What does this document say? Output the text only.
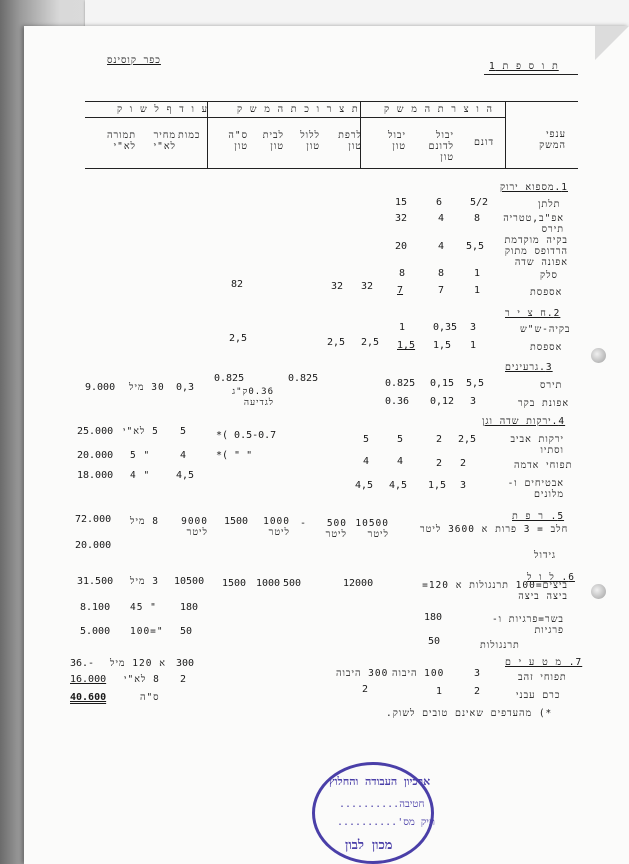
כפר קוסינס
ת ו ס פ ת 1
ה ו צ ר ת ה מ ש ק
ת צ ר ו כ ת ה מ ש ק
ע ו ד ף ל ש ו ק
ענפי המשק
דונם
יבול לדונם טון
יבול טון
לרפת טון
ללול טון
לבית טון
ס"ה טון
כמות
מחיר לא"י
תמורה לא"י
1.מספוא ירוק
2.ח צ י ר
3.גרעינים
4.ירקות שדה וגן
5. ר פ ת
6. ל ו ל
7. מ ט ע י ם
תלתן
5/2
6
15
אפ"ב,טטריה תירס
8
4
32
בקיה מוקדמת הרדופס מתוק אפונה שדה
5,5
4
20
סלק
1
8
8
אספסת
1
7
7
32
32
82
בקיה-ש"ש
3
0,35
1
אספסת
1
1,5
1,5
2,5
2,5
2,5
תירס
5,5
0,15
0.825
0.825
0.825
0,3
30 מיל
9.000
אפונת בקר
3
0,12
0.36
0.36ק"ג לגדיעה
ירקות אביב וסתיו
2,5
2
5
5
*( 0.5-0.7
5
5 לא"י
25.000
תפוחי אדמה
2
2
4
4
*( " "
4
" 5
20.000
אבטיחים ו- מלונים
3
1,5
4,5
4,5
4,5
" 4
18.000
חלב = 3 פרות א 3600 ליטר
10500 ליטר
500 ליטר
-
1000 ליטר
1500
9000 ליטר
8 מיל
72.000
גידול
20.000
ביצים=100 תרנגולות א 120= ביצה ביצה
12000
500
1000
1500
10500
3 מיל
31.500
בשר=פרגיות ו- פרגיות
180
180
" 45
8.100
תרנגולות
50
50
"=100
5.000
תפוחי זהב
3
100 היבוה
300 היבוה
300
א 120 מיל
36.-
כרם עבני
2
1
2
2
8 לא"י
16.000
ס"ה
40.600
*) מהעדפים שאינם טובים לשוק.
ארכיון העבודה והחלוץ
חטיבה..........
תיק מס'..........
מכון לבון
